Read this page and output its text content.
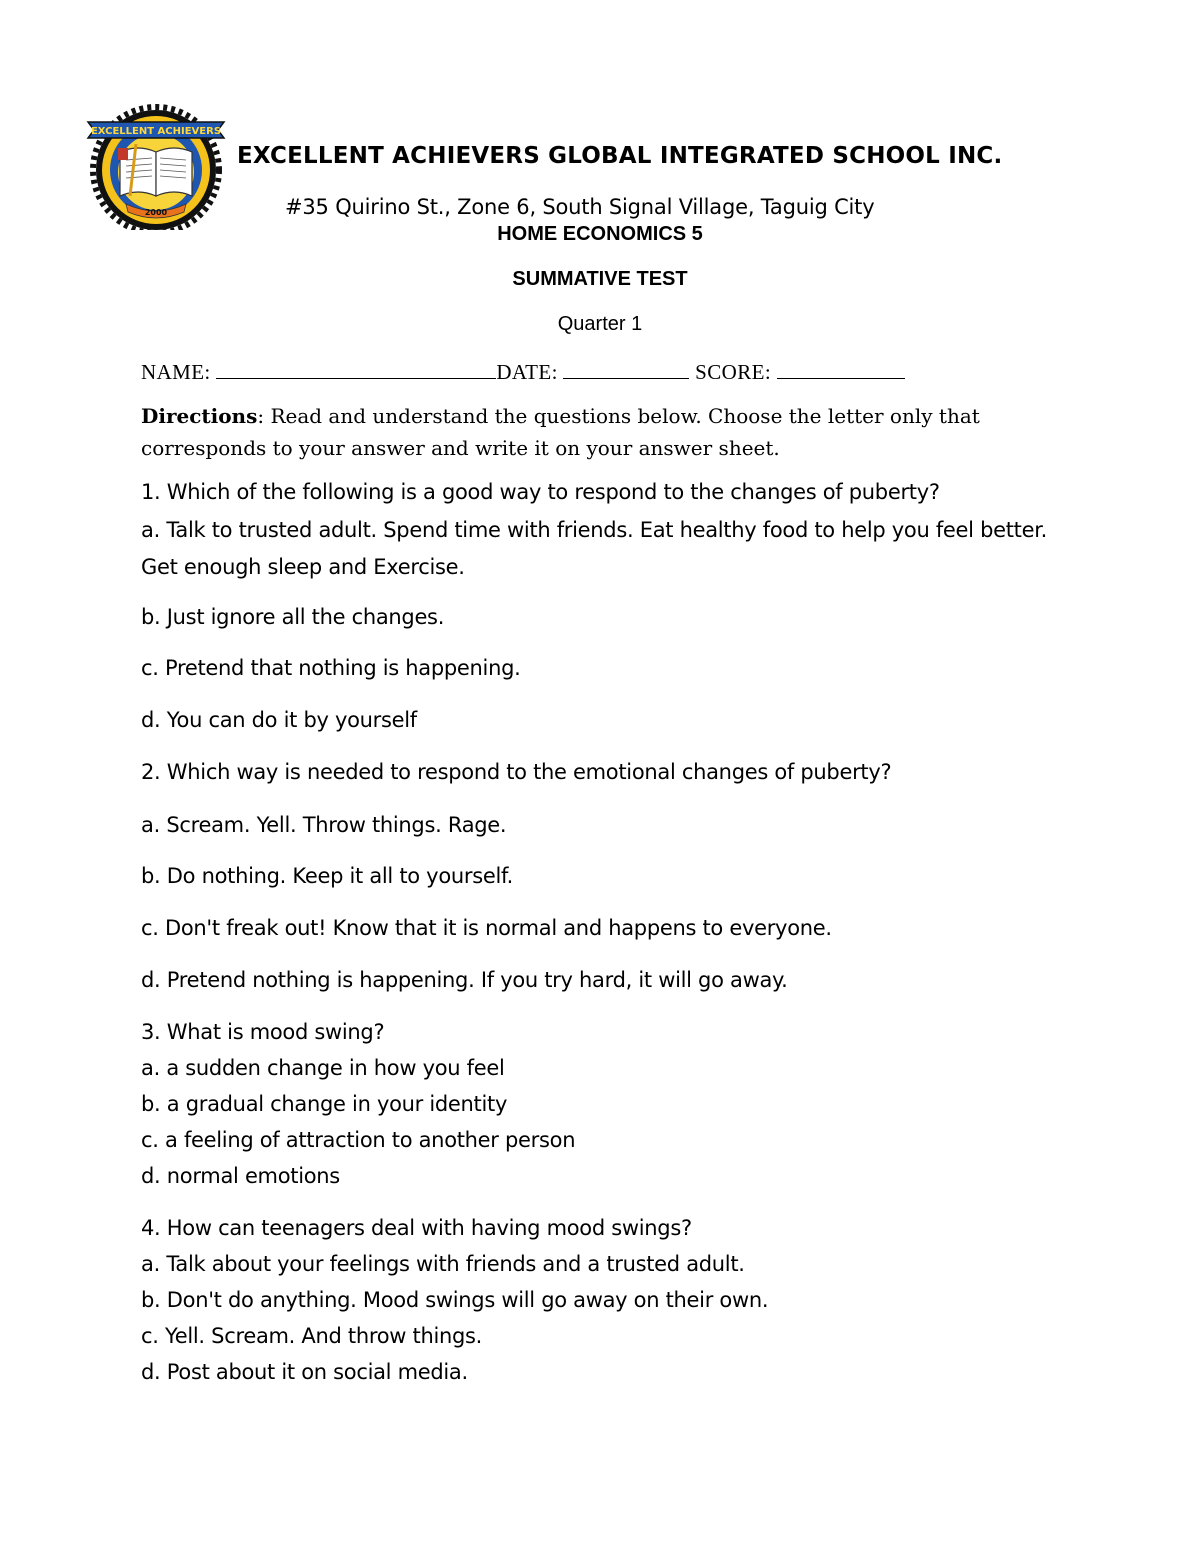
2000
EXCELLENT ACHIEVERS
EXCELLENT ACHIEVERS GLOBAL INTEGRATED SCHOOL INC.
#35 Quirino St., Zone 6, South Signal Village, Taguig City
HOME ECONOMICS 5
SUMMATIVE TEST
Quarter 1
NAME:	DATE:	SCORE:
Directions: Read and understand the questions below. Choose the letter only that corresponds to your answer and write it on your answer sheet.
1. Which of the following is a good way to respond to the changes of puberty?
a. Talk to trusted adult. Spend time with friends. Eat healthy food to help you feel better. Get enough sleep and Exercise.
b. Just ignore all the changes.
c. Pretend that nothing is happening.
d. You can do it by yourself
2. Which way is needed to respond to the emotional changes of puberty?
a. Scream. Yell. Throw things. Rage.
b. Do nothing. Keep it all to yourself.
c. Don't freak out! Know that it is normal and happens to everyone.
d. Pretend nothing is happening. If you try hard, it will go away.
3. What is mood swing?
a. a sudden change in how you feel
b. a gradual change in your identity
c. a feeling of attraction to another person
d. normal emotions
4. How can teenagers deal with having mood swings?
a. Talk about your feelings with friends and a trusted adult.
b. Don't do anything. Mood swings will go away on their own.
c. Yell. Scream. And throw things.
d. Post about it on social media.
